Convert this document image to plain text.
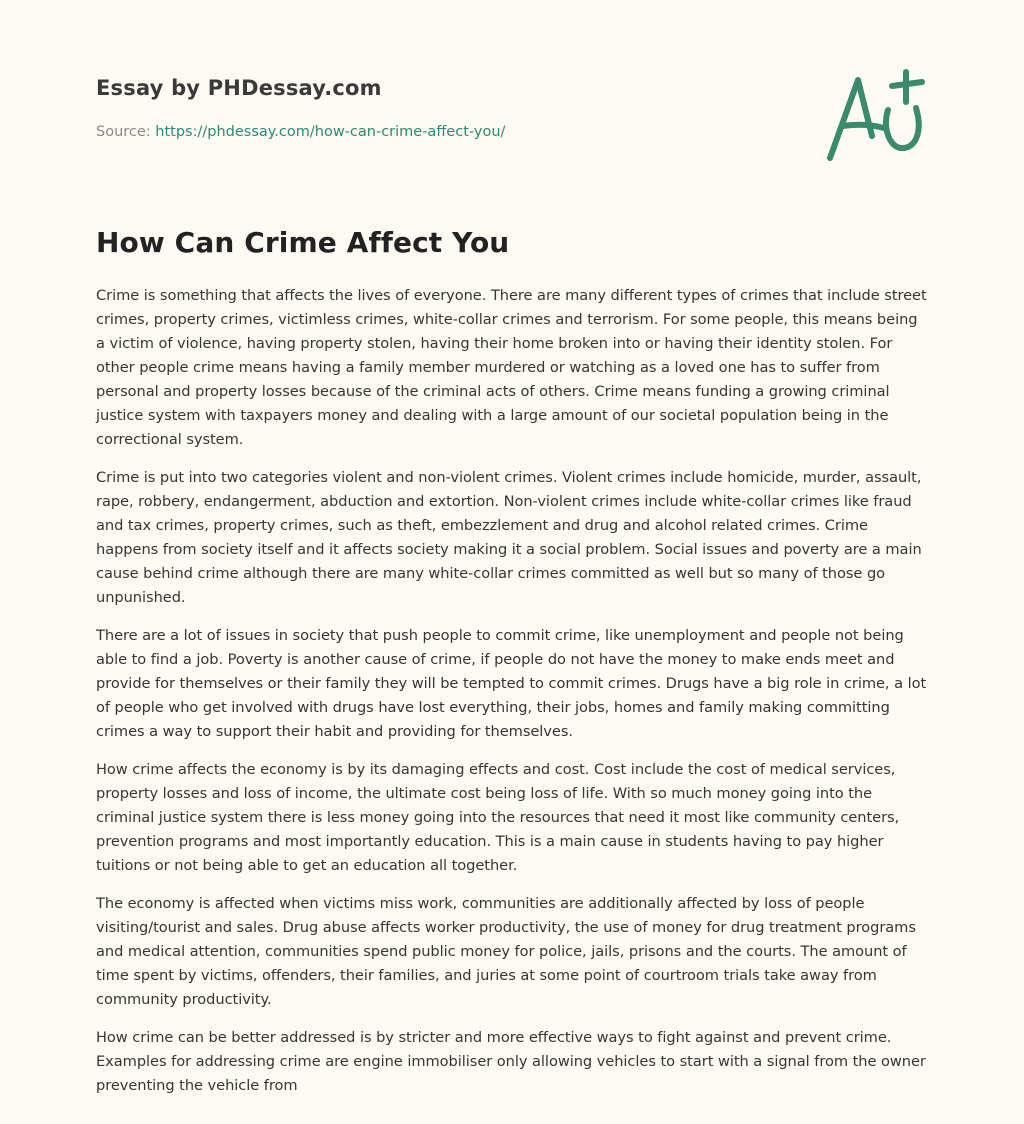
Essay by PHDessay.com
Source: https://phdessay.com/how-can-crime-affect-you/
How Can Crime Affect You

Crime is something that affects the lives of everyone. There are many different types of crimes that include street crimes, property crimes, victimless crimes, white-collar crimes and terrorism. For some people, this means being a victim of violence, having property stolen, having their home broken into or having their identity stolen. For other people crime means having a family member murdered or watching as a loved one has to suffer from personal and property losses because of the criminal acts of others. Crime means funding a growing criminal justice system with taxpayers money and dealing with a large amount of our societal population being in the correctional system.

Crime is put into two categories violent and non-violent crimes. Violent crimes include homicide, murder, assault, rape, robbery, endangerment, abduction and extortion. Non-violent crimes include white-collar crimes like fraud and tax crimes, property crimes, such as theft, embezzlement and drug and alcohol related crimes. Crime happens from society itself and it affects society making it a social problem. Social issues and poverty are a main cause behind crime although there are many white-collar crimes committed as well but so many of those go unpunished.

There are a lot of issues in society that push people to commit crime, like unemployment and people not being able to find a job. Poverty is another cause of crime, if people do not have the money to make ends meet and provide for themselves or their family they will be tempted to commit crimes. Drugs have a big role in crime, a lot of people who get involved with drugs have lost everything, their jobs, homes and family making committing crimes a way to support their habit and providing for themselves.

How crime affects the economy is by its damaging effects and cost. Cost include the cost of medical services, property losses and loss of income, the ultimate cost being loss of life. With so much money going into the criminal justice system there is less money going into the resources that need it most like community centers, prevention programs and most importantly education. This is a main cause in students having to pay higher tuitions or not being able to get an education all together.

The economy is affected when victims miss work, communities are additionally affected by loss of people visiting/tourist and sales. Drug abuse affects worker productivity, the use of money for drug treatment programs and medical attention, communities spend public money for police, jails, prisons and the courts. The amount of time spent by victims, offenders, their families, and juries at some point of courtroom trials take away from community productivity.

How crime can be better addressed is by stricter and more effective ways to fight against and prevent crime. Examples for addressing crime are engine immobiliser only allowing vehicles to start with a signal from the owner preventing the vehicle from
